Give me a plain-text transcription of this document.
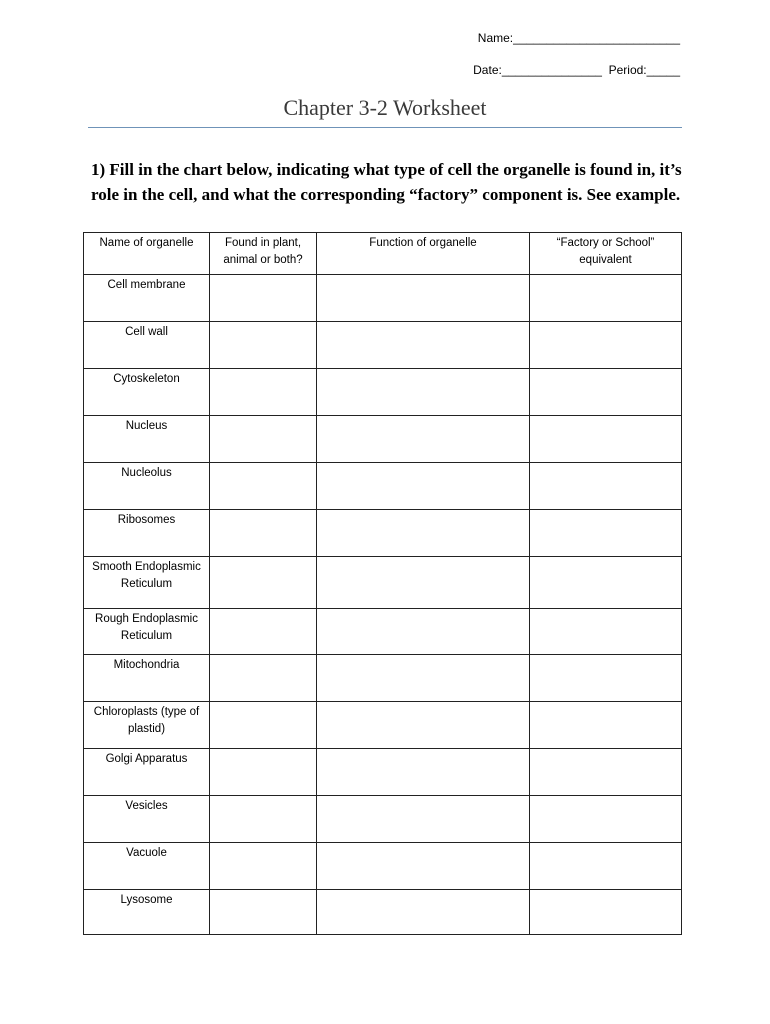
Name:_________________________
Date:_______________  Period:_____
Chapter 3-2 Worksheet
1) Fill in the chart below, indicating what type of cell the organelle is found in, it’s role in the cell, and what the corresponding “factory” component is. See example.
Name of organelle	Found in plant, animal or both?	Function of organelle	“Factory or School” equivalent
Cell membrane			
Cell wall			
Cytoskeleton			
Nucleus			
Nucleolus			
Ribosomes			
Smooth Endoplasmic Reticulum			
Rough Endoplasmic Reticulum			
Mitochondria			
Chloroplasts (type of plastid)			
Golgi Apparatus			
Vesicles			
Vacuole			
Lysosome			
